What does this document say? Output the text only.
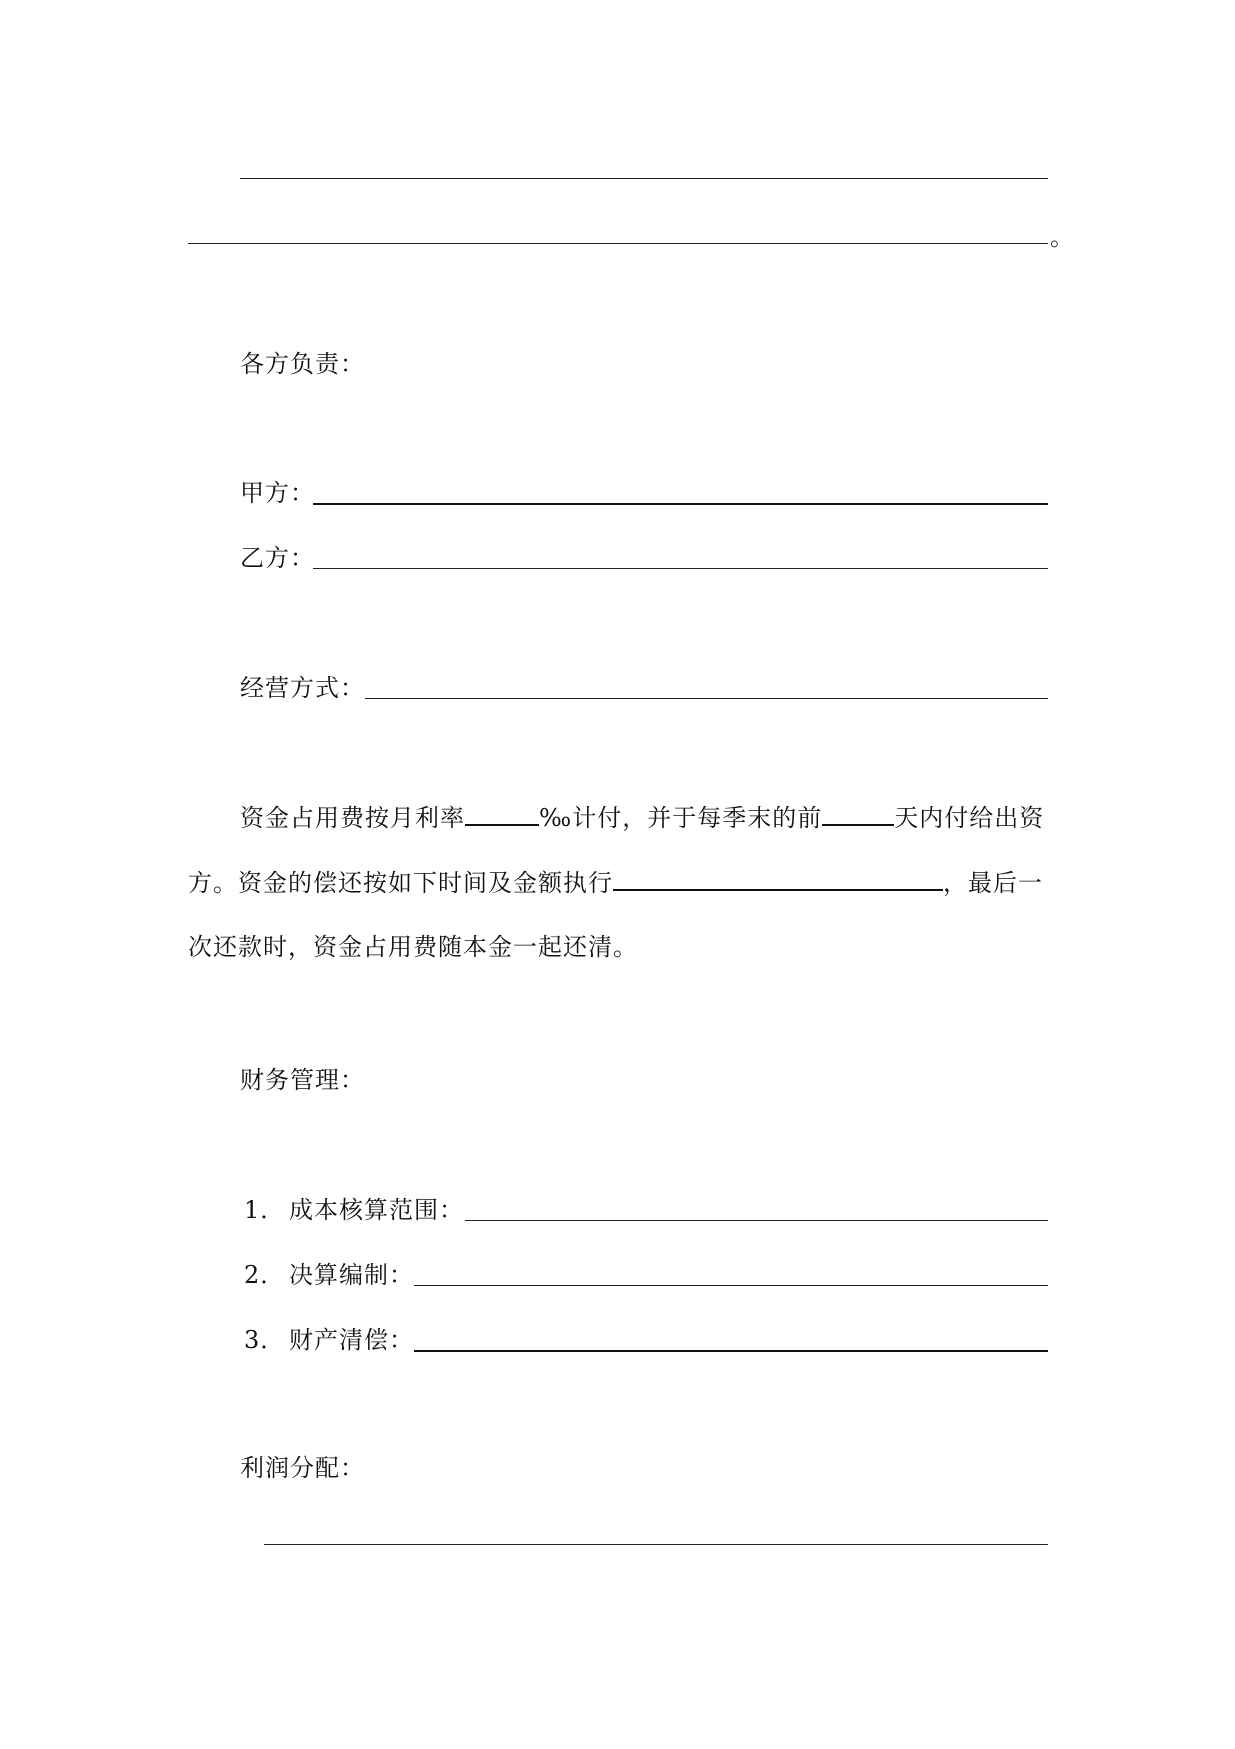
。
各方负责：
甲方：
乙方：
经营方式：
资金占用费按月利率	‰计付，并于每季末的前	天内付给出资
方。资金的偿还按如下时间及金额执行	，最后一
次还款时，资金占用费随本金一起还清。
财务管理：
1． 成本核算范围：
2． 决算编制：
3． 财产清偿：
利润分配：
